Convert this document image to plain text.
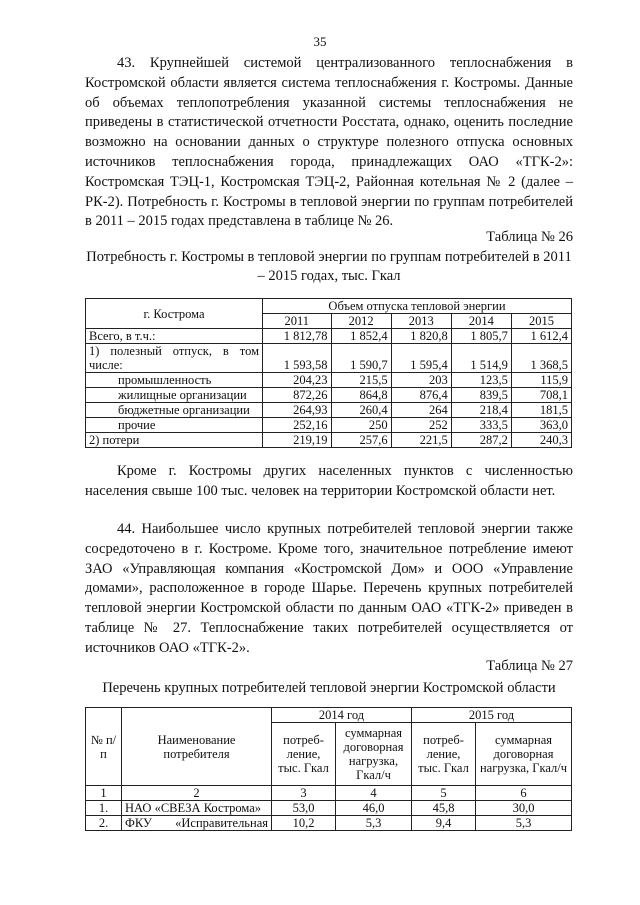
35

43. Крупнейшей системой централизованного теплоснабжения в Костромской области является система теплоснабжения г. Костромы. Данные об объемах теплопотребления указанной системы теплоснабжения не приведены в статистической отчетности Росстата, однако, оценить последние возможно на основании данных о структуре полезного отпуска основных источников теплоснабжения города, принадлежащих ОАО «ТГК-2»: Костромская ТЭЦ-1, Костромская ТЭЦ-2, Районная котельная № 2 (далее – РК-2). Потребность г. Костромы в тепловой энергии по группам потребителей в 2011 – 2015 годах представлена в таблице № 26.

Таблица № 26

Потребность г. Костромы в тепловой энергии по группам потребителей в 2011 – 2015 годах, тыс. Гкал

г. Кострома	Объем отпуска тепловой энергии				
	2011	2012	2013	2014	2015
Всего, в т.ч.:	1 812,78	1 852,4	1 820,8	1 805,7	1 612,4
1) полезный отпуск, в том числе:	1 593,58	1 590,7	1 595,4	1 514,9	1 368,5
промышленность	204,23	215,5	203	123,5	115,9
жилищные организации	872,26	864,8	876,4	839,5	708,1
бюджетные организации	264,93	260,4	264	218,4	181,5
прочие	252,16	250	252	333,5	363,0
2) потери	219,19	257,6	221,5	287,2	240,3

Кроме г. Костромы других населенных пунктов с численностью населения свыше 100 тыс. человек на территории Костромской области нет.

44. Наибольшее число крупных потребителей тепловой энергии также сосредоточено в г. Костроме. Кроме того, значительное потребление имеют ЗАО «Управляющая компания «Костромской Дом» и ООО «Управление домами», расположенное в городе Шарье. Перечень крупных потребителей тепловой энергии Костромской области по данным ОАО «ТГК-2» приведен в таблице № 27. Теплоснабжение таких потребителей осуществляется от источников ОАО «ТГК-2».

Таблица № 27

Перечень крупных потребителей тепловой энергии Костромской области

№ п/п	Наименование потребителя	2014 год		2015 год	
		потреб- ление, тыс. Гкал	суммарная договорная нагрузка, Гкал/ч	потреб- ление, тыс. Гкал	суммарная договорная нагрузка, Гкал/ч
1	2	3	4	5	6
1.	НАО «СВЕЗА Кострома»	53,0	46,0	45,8	30,0
2.	ФКУ «Исправительная	10,2	5,3	9,4	5,3
